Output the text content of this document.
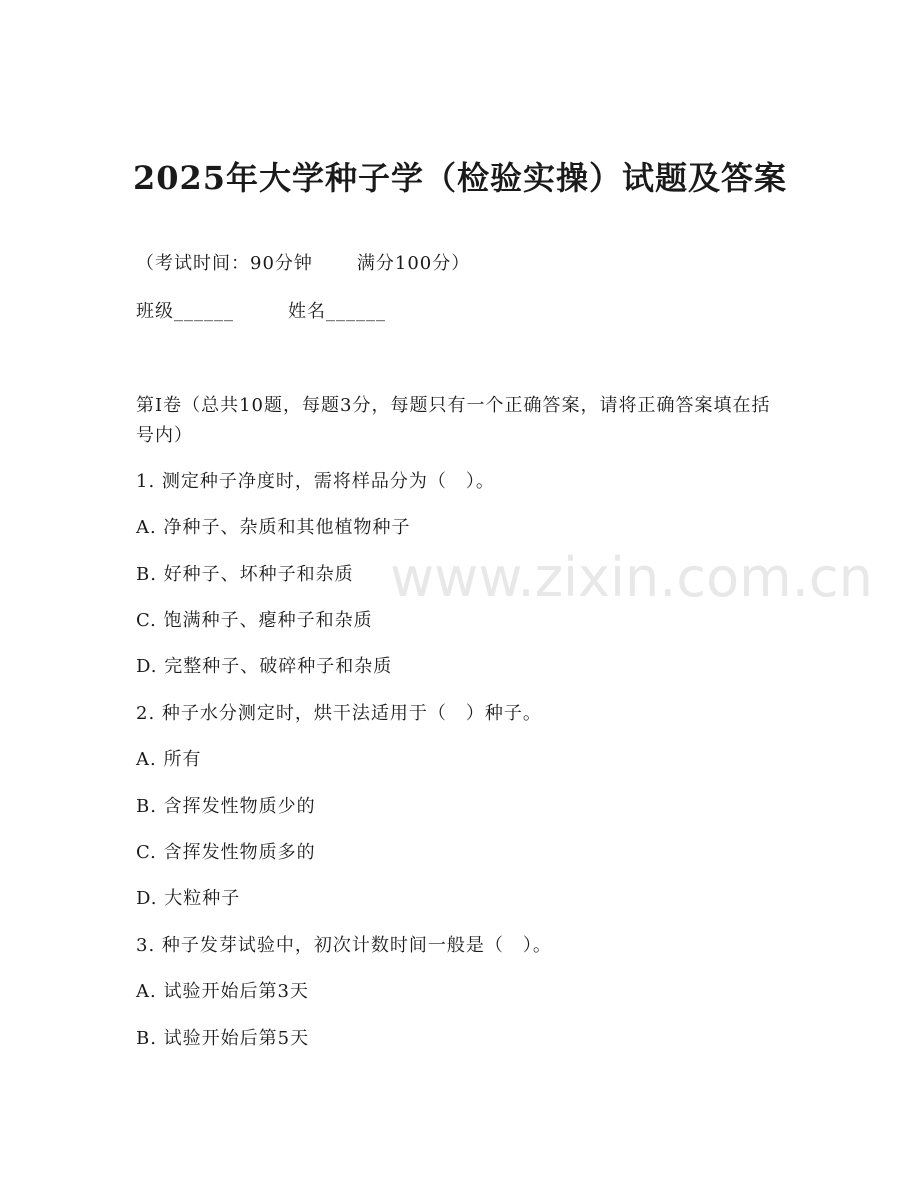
2025年大学种子学（检验实操）试题及答案
（考试时间：90分钟 满分100分）
班级______	姓名______
第I卷（总共10题，每题3分，每题只有一个正确答案，请将正确答案填在括号内）
1. 测定种子净度时，需将样品分为（　）。
A. 净种子、杂质和其他植物种子
B. 好种子、坏种子和杂质
C. 饱满种子、瘪种子和杂质
D. 完整种子、破碎种子和杂质
2. 种子水分测定时，烘干法适用于（　）种子。
A. 所有
B. 含挥发性物质少的
C. 含挥发性物质多的
D. 大粒种子
3. 种子发芽试验中，初次计数时间一般是（　）。
A. 试验开始后第3天
B. 试验开始后第5天
www.zixin.com.cn
